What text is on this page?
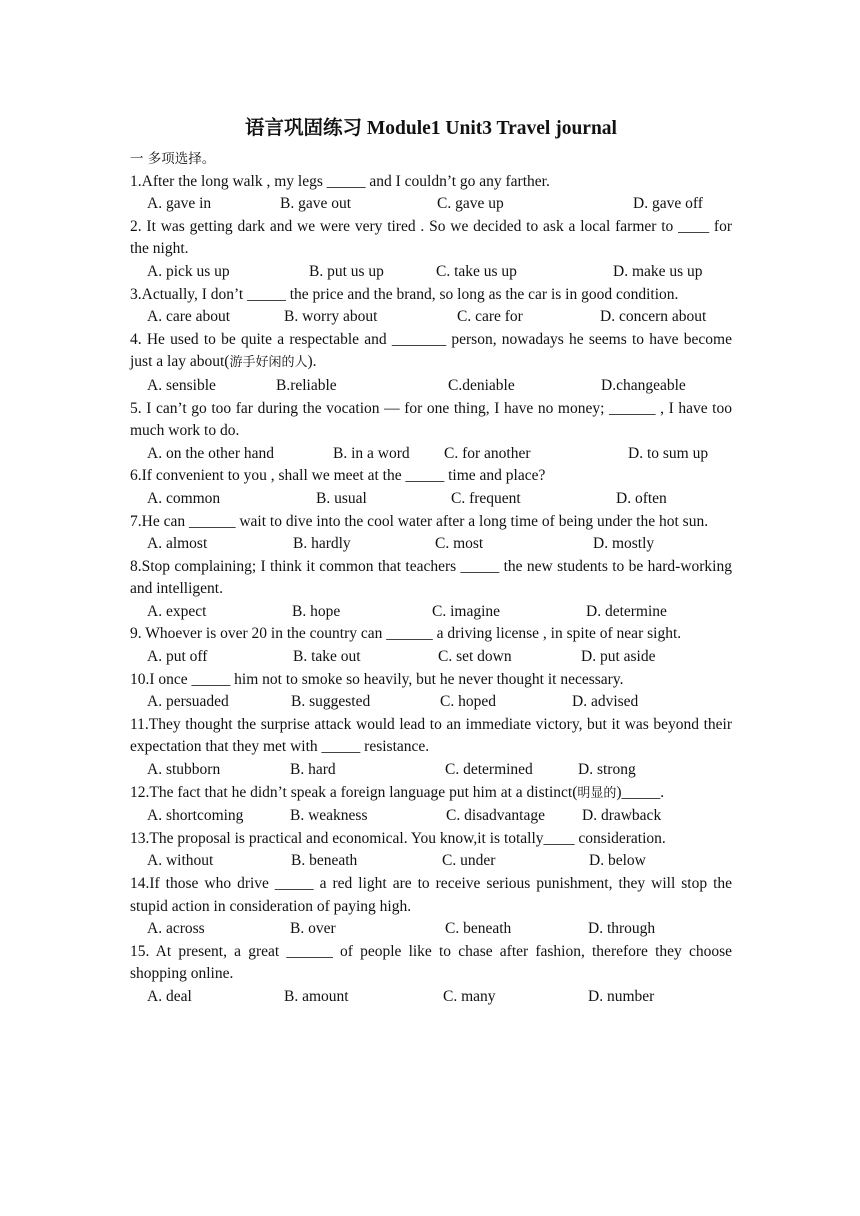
语言巩固练习 Module1 Unit3 Travel journal
一 多项选择。

1.After the long walk , my legs _____ and I couldn’t go any farther.

A. gave in	B. gave out	C. gave up	D. gave off

2. It was getting dark and we were very tired . So we decided to ask a local farmer to ____ for the night.

A. pick us up	B. put us up	C. take us up	D. make us up

3.Actually, I don’t _____ the price and the brand, so long as the car is in good condition.

A. care about	B. worry about	C. care for	D. concern about

4. He used to be quite a respectable and _______ person, nowadays he seems to have become just a lay about(游手好闲的人).

A. sensible	B.reliable	C.deniable	D.changeable

5. I can’t go too far during the vocation — for one thing, I have no money; ______ , I have too much work to do.

A. on the other hand	B. in a word C. for another	D. to sum up

6.If convenient to you , shall we meet at the _____ time and place?

A. common	B. usual	C. frequent	D. often

7.He can ______ wait to dive into the cool water after a long time of being under the hot sun.

A. almost	B. hardly	C. most	D. mostly

8.Stop complaining; I think it common that teachers _____ the new students to be hard-working and intelligent.

A. expect	B. hope	C. imagine	D. determine

9. Whoever is over 20 in the country can ______ a driving license , in spite of near sight.

A. put off	B. take out	C. set down	D. put aside

10.I once _____ him not to smoke so heavily, but he never thought it necessary.

A. persuaded	B. suggested	C. hoped	D. advised

11.They thought the surprise attack would lead to an immediate victory, but it was beyond their expectation that they met with _____ resistance.

A. stubborn	B. hard	C. determined	D. strong

12.The fact that he didn’t speak a foreign language put him at a distinct(明显的)_____.

A. shortcoming	B. weakness	C. disadvantage D. drawback

13.The proposal is practical and economical. You know,it is totally____ consideration.

A. without	B. beneath	C. under	D. below

14.If those who drive _____ a red light are to receive serious punishment, they will stop the stupid action in consideration of paying high.

A. across	B. over	C. beneath	D. through

15. At present, a great ______ of people like to chase after fashion, therefore they choose shopping online.

A. deal	B. amount	C. many	D. number
